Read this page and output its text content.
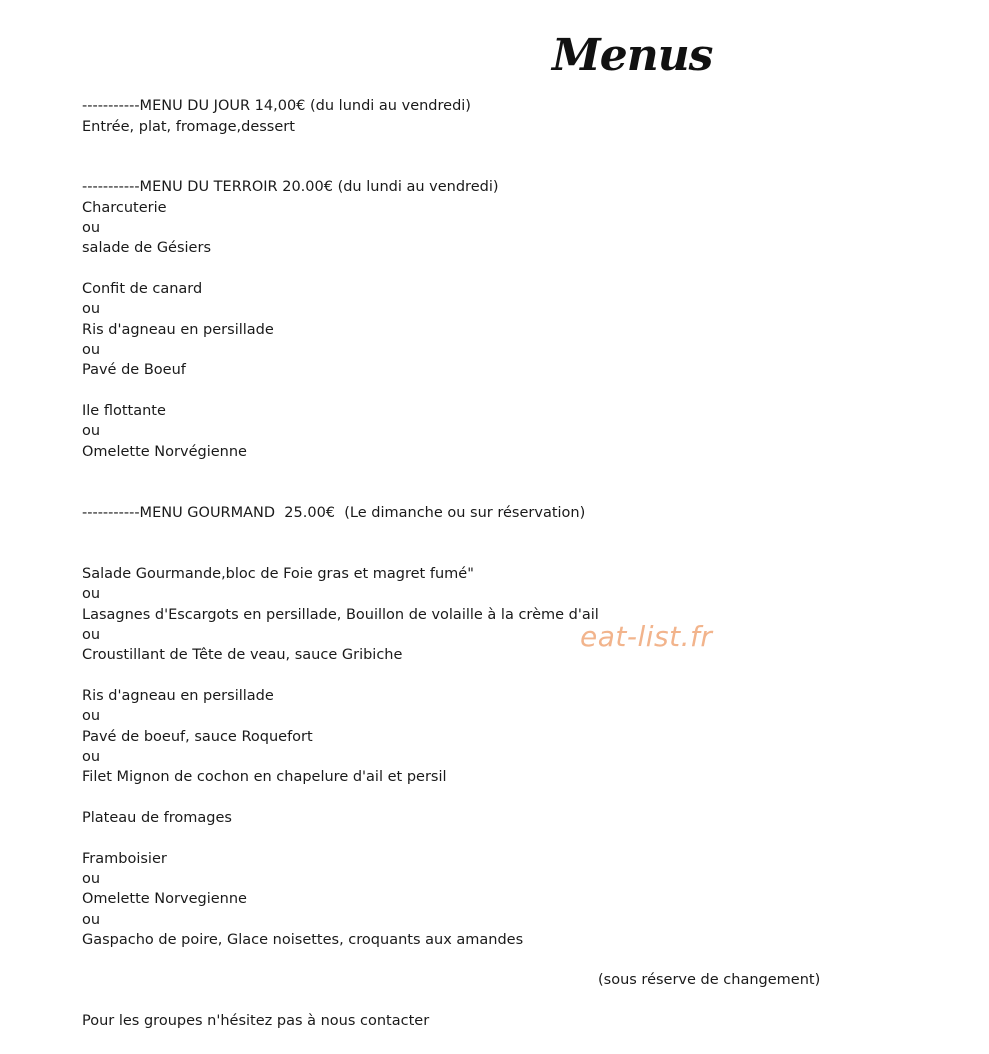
Menus
-----------MENU DU JOUR 14,00€ (du lundi au vendredi)
Entrée, plat, fromage,dessert
-----------MENU DU TERROIR 20.00€ (du lundi au vendredi)
Charcuterie
ou
salade de Gésiers
Confit de canard
ou
Ris d'agneau en persillade
ou
Pavé de Boeuf
Ile flottante
ou
Omelette Norvégienne
-----------MENU GOURMAND  25.00€  (Le dimanche ou sur réservation)
Salade Gourmande,bloc de Foie gras et magret fumé"
ou
Lasagnes d'Escargots en persillade, Bouillon de volaille à la crème d'ail
ou
Croustillant de Tête de veau, sauce Gribiche
Ris d'agneau en persillade
ou
Pavé de boeuf, sauce Roquefort
ou
Filet Mignon de cochon en chapelure d'ail et persil
Plateau de fromages
Framboisier
ou
Omelette Norvegienne
ou
Gaspacho de poire, Glace noisettes, croquants aux amandes
(sous réserve de changement)
Pour les groupes n'hésitez pas à nous contacter
eat-list.fr
